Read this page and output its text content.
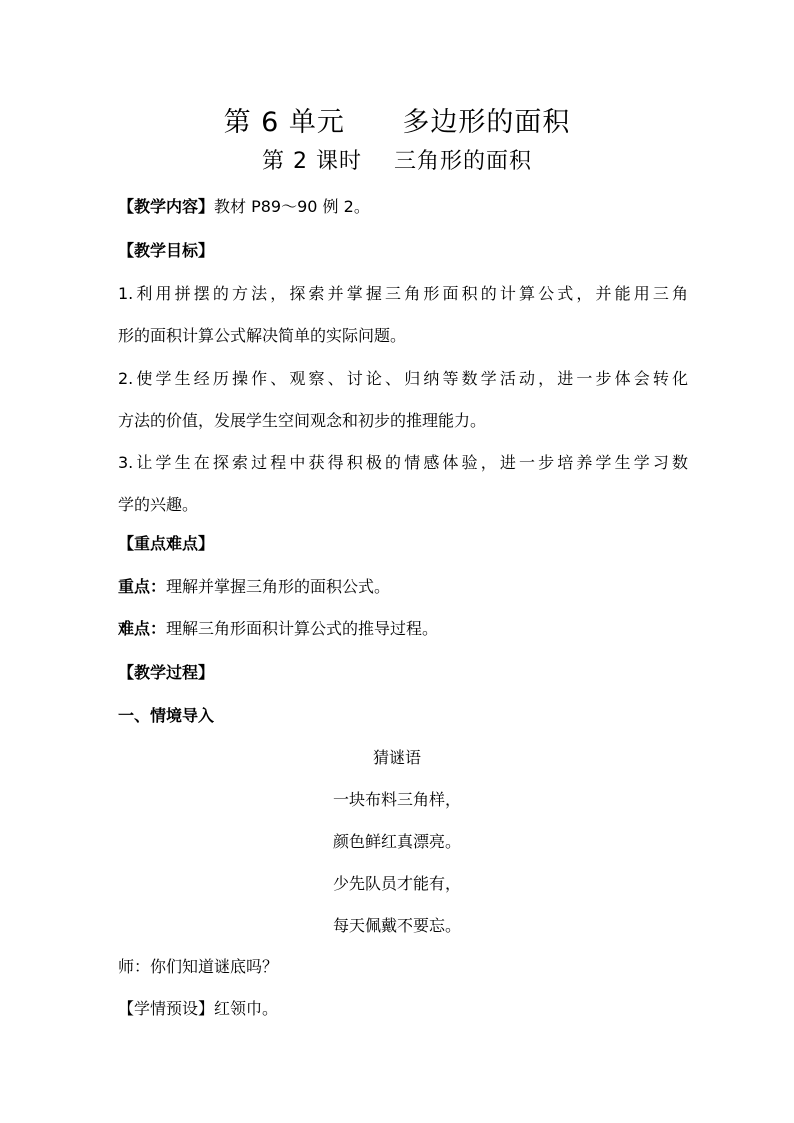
第 6 单元      多边形的面积
第 2 课时    三角形的面积
【教学内容】教材 P89～90 例 2。
【教学目标】
1.利用拼摆的方法，探索并掌握三角形面积的计算公式，并能用三角
形的面积计算公式解决简单的实际问题。
2.使学生经历操作、观察、讨论、归纳等数学活动，进一步体会转化
方法的价值，发展学生空间观念和初步的推理能力。
3.让学生在探索过程中获得积极的情感体验，进一步培养学生学习数
学的兴趣。
【重点难点】
重点：理解并掌握三角形的面积公式。
难点：理解三角形面积计算公式的推导过程。
【教学过程】
一、情境导入
猜谜语
一块布料三角样，
颜色鲜红真漂亮。
少先队员才能有，
每天佩戴不要忘。
师：你们知道谜底吗？
【学情预设】红领巾。
